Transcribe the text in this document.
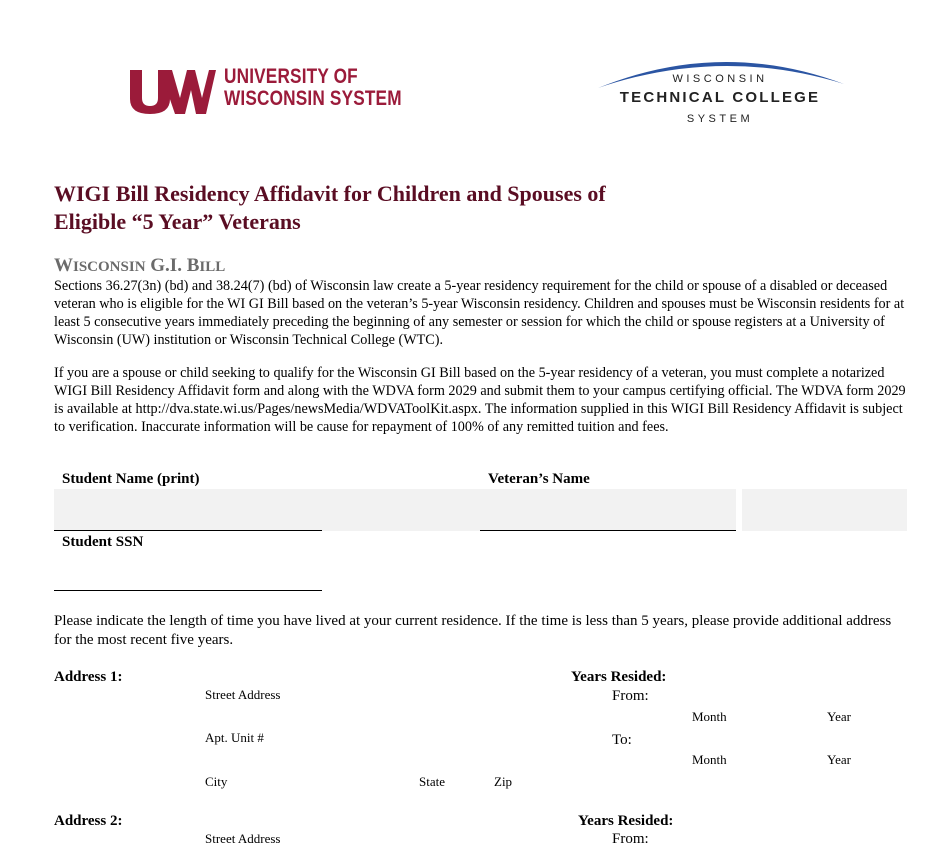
UNIVERSITY OF
WISCONSIN SYSTEM
WISCONSIN
TECHNICAL COLLEGE
SYSTEM
WIGI Bill Residency Affidavit for Children and Spouses of
Eligible “5 Year” Veterans
WISCONSIN G.I. BILL
Sections 36.27(3n) (bd) and 38.24(7) (bd) of Wisconsin law create a 5-year residency requirement for the child or spouse of a disabled or deceased veteran who is eligible for the WI GI Bill based on the veteran’s 5-year Wisconsin residency. Children and spouses must be Wisconsin residents for at least 5 consecutive years immediately preceding the beginning of any semester or session for which the child or spouse registers at a University of Wisconsin (UW) institution or Wisconsin Technical College (WTC).
If you are a spouse or child seeking to qualify for the Wisconsin GI Bill based on the 5-year residency of a veteran, you must complete a notarized WIGI Bill Residency Affidavit form and along with the WDVA form 2029 and submit them to your campus certifying official. The WDVA form 2029 is available at http://dva.state.wi.us/Pages/newsMedia/WDVAToolKit.aspx. The information supplied in this WIGI Bill Residency Affidavit is subject to verification. Inaccurate information will be cause for repayment of 100% of any remitted tuition and fees.
Student Name (print)	Veteran’s Name
Student SSN
Please indicate the length of time you have lived at your current residence. If the time is less than 5 years, please provide additional address for the most recent five years.
Address 1:
Street Address
Apt. Unit #
City	State	Zip
Years Resided:
From:
Month	Year
To:
Month	Year
Address 2:
Street Address
Years Resided:
From:
